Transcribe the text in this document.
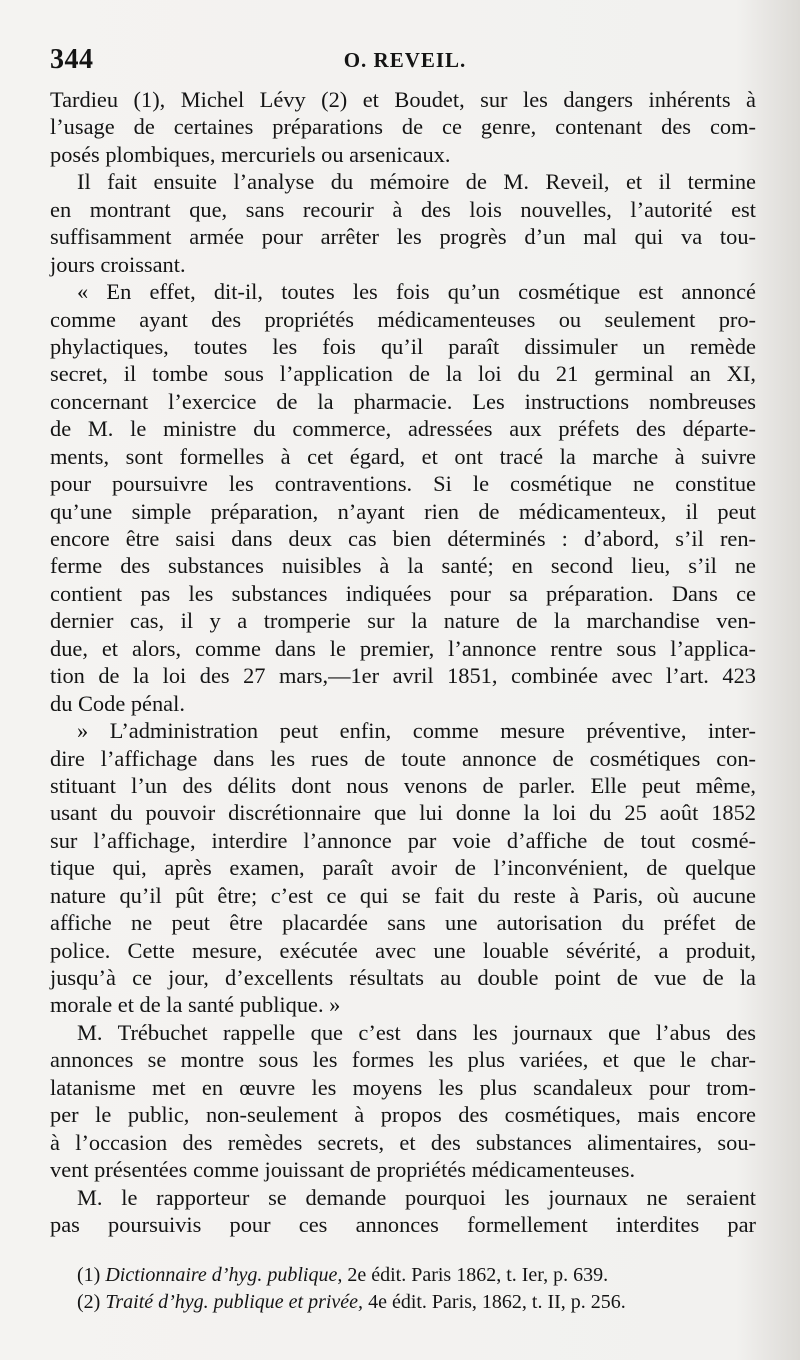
344	O. REVEIL.
Tardieu (1), Michel Lévy (2) et Boudet, sur les dangers inhérents à
l’usage de certaines préparations de ce genre, contenant des com-
posés plombiques, mercuriels ou arsenicaux.
Il fait ensuite l’analyse du mémoire de M. Reveil, et il termine
en montrant que, sans recourir à des lois nouvelles, l’autorité est
suffisamment armée pour arrêter les progrès d’un mal qui va tou-
jours croissant.
« En effet, dit-il, toutes les fois qu’un cosmétique est annoncé
comme ayant des propriétés médicamenteuses ou seulement pro-
phylactiques, toutes les fois qu’il paraît dissimuler un remède
secret, il tombe sous l’application de la loi du 21 germinal an XI,
concernant l’exercice de la pharmacie. Les instructions nombreuses
de M. le ministre du commerce, adressées aux préfets des départe-
ments, sont formelles à cet égard, et ont tracé la marche à suivre
pour poursuivre les contraventions. Si le cosmétique ne constitue
qu’une simple préparation, n’ayant rien de médicamenteux, il peut
encore être saisi dans deux cas bien déterminés : d’abord, s’il ren-
ferme des substances nuisibles à la santé; en second lieu, s’il ne
contient pas les substances indiquées pour sa préparation. Dans ce
dernier cas, il y a tromperie sur la nature de la marchandise ven-
due, et alors, comme dans le premier, l’annonce rentre sous l’applica-
tion de la loi des 27 mars,—1er avril 1851, combinée avec l’art. 423
du Code pénal.
» L’administration peut enfin, comme mesure préventive, inter-
dire l’affichage dans les rues de toute annonce de cosmétiques con-
stituant l’un des délits dont nous venons de parler. Elle peut même,
usant du pouvoir discrétionnaire que lui donne la loi du 25 août 1852
sur l’affichage, interdire l’annonce par voie d’affiche de tout cosmé-
tique qui, après examen, paraît avoir de l’inconvénient, de quelque
nature qu’il pût être; c’est ce qui se fait du reste à Paris, où aucune
affiche ne peut être placardée sans une autorisation du préfet de
police. Cette mesure, exécutée avec une louable sévérité, a produit,
jusqu’à ce jour, d’excellents résultats au double point de vue de la
morale et de la santé publique. »
M. Trébuchet rappelle que c’est dans les journaux que l’abus des
annonces se montre sous les formes les plus variées, et que le char-
latanisme met en œuvre les moyens les plus scandaleux pour trom-
per le public, non-seulement à propos des cosmétiques, mais encore
à l’occasion des remèdes secrets, et des substances alimentaires, sou-
vent présentées comme jouissant de propriétés médicamenteuses.
M. le rapporteur se demande pourquoi les journaux ne seraient
pas poursuivis pour ces annonces formellement interdites par
(1) Dictionnaire d’hyg. publique, 2e édit. Paris 1862, t. Ier, p. 639.
(2) Traité d’hyg. publique et privée, 4e édit. Paris, 1862, t. II, p. 256.
